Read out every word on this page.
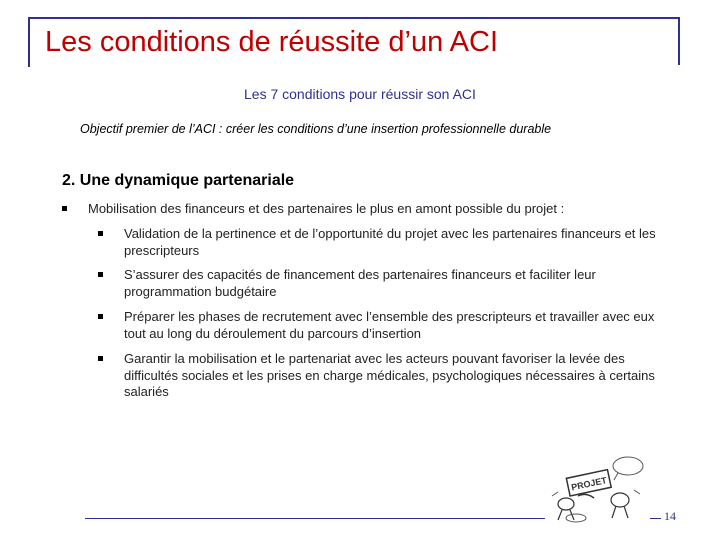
Les conditions de réussite d’un ACI
Les 7 conditions pour réussir son ACI
Objectif premier de l’ACI : créer les conditions d’une insertion professionnelle durable
2. Une dynamique partenariale
Mobilisation des financeurs et des partenaires le plus en amont possible du projet :
Validation de la pertinence et de l’opportunité du projet avec les partenaires financeurs et les prescripteurs
S’assurer des capacités de financement des partenaires financeurs et faciliter leur programmation budgétaire
Préparer les phases de recrutement avec l’ensemble des prescripteurs et travailler avec eux tout au long du déroulement du parcours d’insertion
Garantir la mobilisation et le partenariat avec les acteurs pouvant favoriser la levée des difficultés sociales et les prises en charge médicales, psychologiques nécessaires à certains salariés
PROJET
14
